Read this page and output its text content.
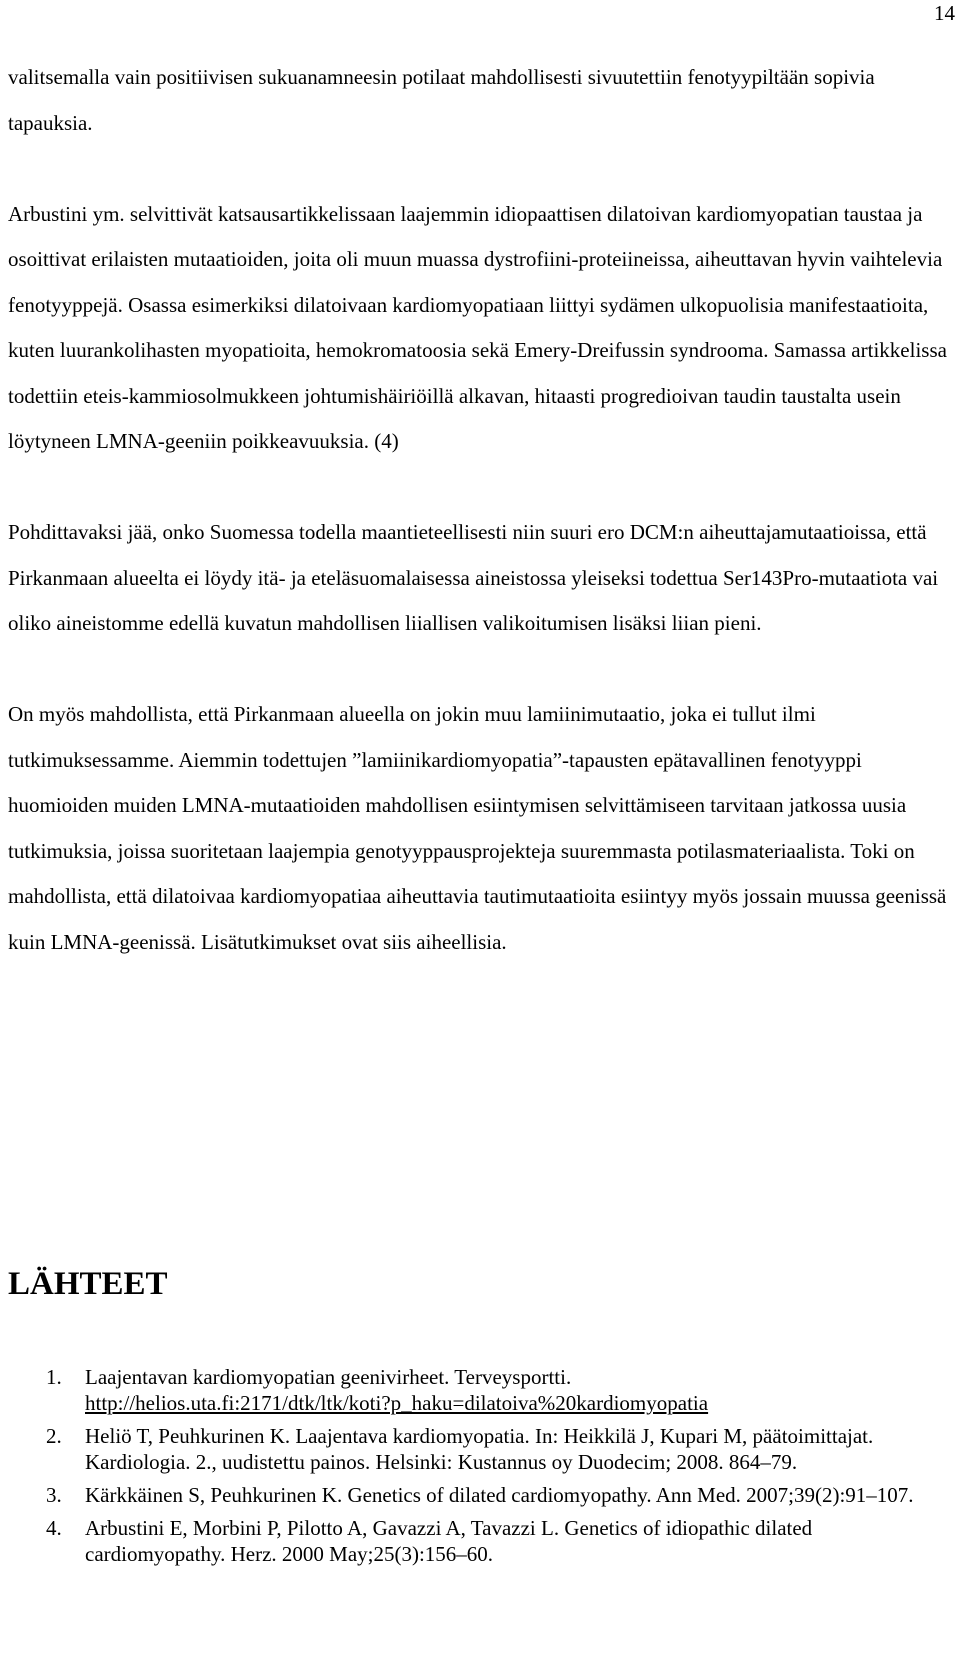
14

valitsemalla vain positiivisen sukuanamneesin potilaat mahdollisesti sivuutettiin fenotyypiltään sopivia tapauksia.

Arbustini ym. selvittivät katsausartikkelissaan laajemmin idiopaattisen dilatoivan kardiomyopatian taustaa ja osoittivat erilaisten mutaatioiden, joita oli muun muassa dystrofiini-proteiineissa, aiheuttavan hyvin vaihtelevia fenotyyppejä. Osassa esimerkiksi dilatoivaan kardiomyopatiaan liittyi sydämen ulkopuolisia manifestaatioita, kuten luurankolihasten myopatioita, hemokromatoosia sekä Emery-Dreifussin syndrooma. Samassa artikkelissa todettiin eteis-kammiosolmukkeen johtumishäiriöillä alkavan, hitaasti progredioivan taudin taustalta usein löytyneen LMNA-geeniin poikkeavuuksia. (4)

Pohdittavaksi jää, onko Suomessa todella maantieteellisesti niin suuri ero DCM:n aiheuttajamutaatioissa, että Pirkanmaan alueelta ei löydy itä- ja eteläsuomalaisessa aineistossa yleiseksi todettua Ser143Pro-mutaatiota vai oliko aineistomme edellä kuvatun mahdollisen liiallisen valikoitumisen lisäksi liian pieni.

On myös mahdollista, että Pirkanmaan alueella on jokin muu lamiinimutaatio, joka ei tullut ilmi tutkimuksessamme. Aiemmin todettujen ”lamiinikardiomyopatia”-tapausten epätavallinen fenotyyppi huomioiden muiden LMNA-mutaatioiden mahdollisen esiintymisen selvittämiseen tarvitaan jatkossa uusia tutkimuksia, joissa suoritetaan laajempia genotyyppausprojekteja suuremmasta potilasmateriaalista. Toki on mahdollista, että dilatoivaa kardiomyopatiaa aiheuttavia tautimutaatioita esiintyy myös jossain muussa geenissä kuin LMNA-geenissä. Lisätutkimukset ovat siis aiheellisia.

LÄHTEET
1. Laajentavan kardiomyopatian geenivirheet. Terveysportti.
http://helios.uta.fi:2171/dtk/ltk/koti?p_haku=dilatoiva%20kardiomyopatia
2. Heliö T, Peuhkurinen K. Laajentava kardiomyopatia. In: Heikkilä J, Kupari M, päätoimittajat. Kardiologia. 2., uudistettu painos. Helsinki: Kustannus oy Duodecim; 2008. 864–79.
3. Kärkkäinen S, Peuhkurinen K. Genetics of dilated cardiomyopathy. Ann Med. 2007;39(2):91–107.
4. Arbustini E, Morbini P, Pilotto A, Gavazzi A, Tavazzi L. Genetics of idiopathic dilated cardiomyopathy. Herz. 2000 May;25(3):156–60.
